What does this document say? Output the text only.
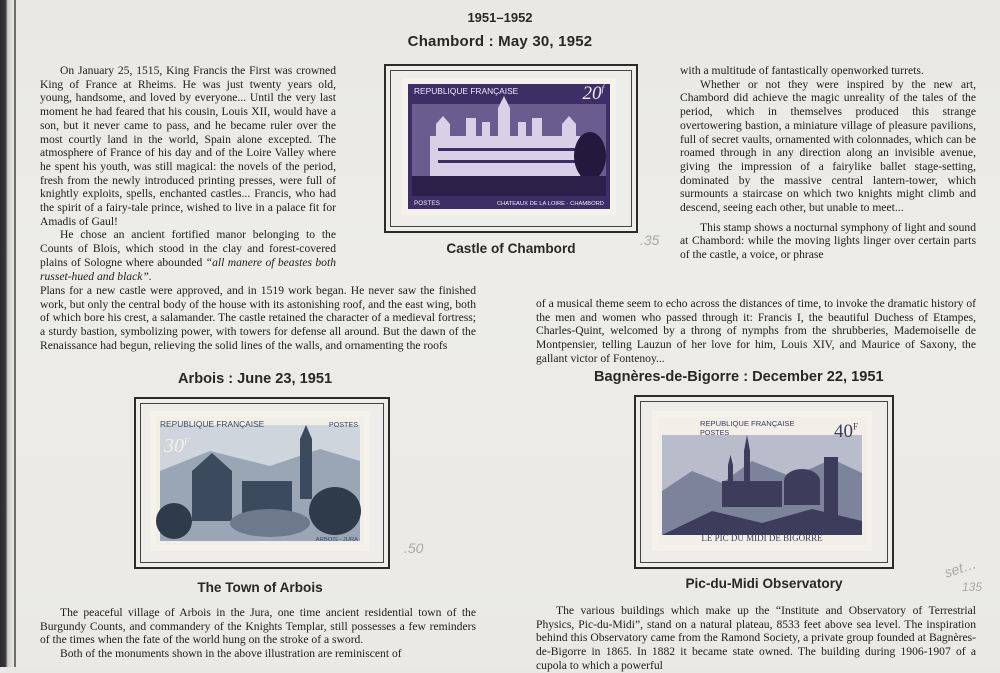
1951–1952
Chambord : May 30, 1952

On January 25, 1515, King Francis the First was crowned King of France at Rheims. He was just twenty years old, young, handsome, and loved by everyone... Until the very last moment he had feared that his cousin, Louis XII, would have a son, but it never came to pass, and he became ruler over the most courtly land in the world, Spain alone excepted. The atmosphere of France of his day and of the Loire Valley where he spent his youth, was still magical: the novels of the period, fresh from the newly introduced printing presses, were full of knightly exploits, spells, enchanted castles... Francis, who had the spirit of a fairy-tale prince, wished to live in a palace fit for Amadis of Gaul!

He chose an ancient fortified manor belonging to the Counts of Blois, which stood in the clay and forest-covered plains of Sologne where abounded “all manere of beastes both russet-hued and black”.

Plans for a new castle were approved, and in 1519 work began. He never saw the finished work, but only the central body of the house with its astonishing roof, and the east wing, both of which bore his crest, a salamander. The castle retained the character of a medieval fortress; a sturdy bastion, symbolizing power, with towers for defense all around. But the dawn of the Renaissance had begun, relieving the solid lines of the walls, and ornamenting the roofs
REPUBLIQUE FRANÇAISE	20$^f$
POSTES	CHATEAUX DE LA LOIRE · CHAMBORD
Castle of Chambord

with a multitude of fantastically openworked turrets.

Whether or not they were inspired by the new art, Chambord did achieve the magic unreality of the tales of the period, which in themselves produced this strange overtowering bastion, a miniature village of pleasure pavilions, full of secret vaults, ornamented with colonnades, which can be roamed through in any direction along an invisible avenue, giving the impression of a fairylike ballet stage-setting, dominated by the massive central lantern-tower, which surmounts a staircase on which two knights might climb and descend, seeing each other, but unable to meet...

This stamp shows a nocturnal symphony of light and sound at Chambord: while the moving lights linger over certain parts of the castle, a voice, or phrase

of a musical theme seem to echo across the distances of time, to invoke the dramatic history of the men and women who passed through it: Francis I, the beautiful Duchess of Etampes, Charles-Quint, welcomed by a throng of nymphs from the shrubberies, Mademoiselle de Montpensier, telling Lauzun of her love for him, Louis XIV, and Maurice of Saxony, the gallant victor of Fontenoy...
Arbois : June 23, 1951	Bagnères-de-Bigorre : December 22, 1951
REPUBLIQUE FRANÇAISE	POSTES
$30^F$
ARBOIS - JURA
The Town of Arbois
REPUBLIQUE FRANÇAISE
POSTES	$40^F$
LE PIC DU MIDI DE BIGORRE
Pic-du-Midi Observatory

The peaceful village of Arbois in the Jura, one time ancient residential town of the Burgundy Counts, and commandery of the Knights Templar, still possesses a few reminders of the times when the fate of the world hung on the stroke of a sword.

Both of the monuments shown in the above illustration are reminiscent of

The various buildings which make up the “Institute and Observatory of Terrestrial Physics, Pic-du-Midi”, stand on a natural plateau, 8533 feet above sea level. The inspiration behind this Observatory came from the Ramond Society, a private group founded at Bagnères-de-Bigorre in 1865. In 1882 it became state owned. The building during 1906-1907 of a cupola to which a powerful
.35
.50
set…
135
